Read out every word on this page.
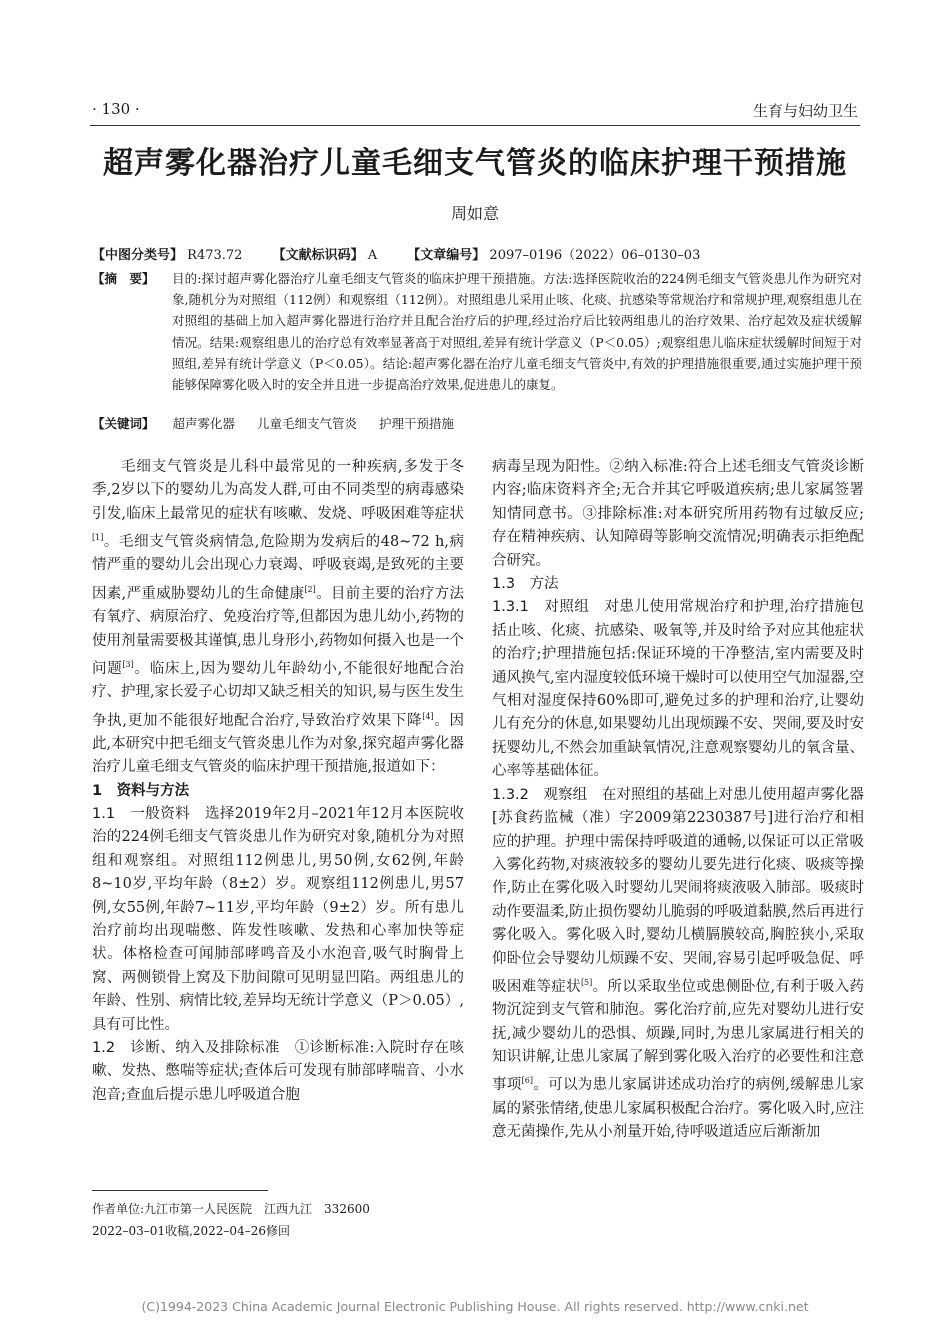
· 130 ·	生育与妇幼卫生
超声雾化器治疗儿童毛细支气管炎的临床护理干预措施
周如意
【中图分类号】 R473.72 【文献标识码】 A 【文章编号】 2097–0196（2022）06–0130–03
【摘　要】 目的:探讨超声雾化器治疗儿童毛细支气管炎的临床护理干预措施。方法:选择医院收治的224例毛细支气管炎患儿作为研究对象,随机分为对照组（112例）和观察组（112例）。对照组患儿采用止咳、化痰、抗感染等常规治疗和常规护理,观察组患儿在对照组的基础上加入超声雾化器进行治疗并且配合治疗后的护理,经过治疗后比较两组患儿的治疗效果、治疗起效及症状缓解情况。结果:观察组患儿的治疗总有效率显著高于对照组,差异有统计学意义（P＜0.05）;观察组患儿临床症状缓解时间短于对照组,差异有统计学意义（P＜0.05）。结论:超声雾化器在治疗儿童毛细支气管炎中,有效的护理措施很重要,通过实施护理干预能够保障雾化吸入时的安全并且进一步提高治疗效果,促进患儿的康复。
【关键词】 超声雾化器 儿童毛细支气管炎 护理干预措施

毛细支气管炎是儿科中最常见的一种疾病,多发于冬季,2岁以下的婴幼儿为高发人群,可由不同类型的病毒感染引发,临床上最常见的症状有咳嗽、发烧、呼吸困难等症状[1]。毛细支气管炎病情急,危险期为发病后的48~72 h,病情严重的婴幼儿会出现心力衰竭、呼吸衰竭,是致死的主要因素,严重威胁婴幼儿的生命健康[2]。目前主要的治疗方法有氧疗、病原治疗、免疫治疗等,但都因为患儿幼小,药物的使用剂量需要极其谨慎,患儿身形小,药物如何摄入也是一个问题[3]。临床上,因为婴幼儿年龄幼小,不能很好地配合治疗、护理,家长爱子心切却又缺乏相关的知识,易与医生发生争执,更加不能很好地配合治疗,导致治疗效果下降[4]。因此,本研究中把毛细支气管炎患儿作为对象,探究超声雾化器治疗儿童毛细支气管炎的临床护理干预措施,报道如下：

1　资料与方法

1.1　一般资料　选择2019年2月–2021年12月本医院收治的224例毛细支气管炎患儿作为研究对象,随机分为对照组和观察组。对照组112例患儿,男50例,女62例,年龄8~10岁,平均年龄（8±2）岁。观察组112例患儿,男57例,女55例,年龄7~11岁,平均年龄（9±2）岁。所有患儿治疗前均出现喘憋、阵发性咳嗽、发热和心率加快等症状。体格检查可闻肺部哮鸣音及小水泡音,吸气时胸骨上窝、两侧锁骨上窝及下肋间隙可见明显凹陷。两组患儿的年龄、性别、病情比较,差异均无统计学意义（P＞0.05）,具有可比性。

1.2　诊断、纳入及排除标准　①诊断标准:入院时存在咳嗽、发热、憋喘等症状;查体后可发现有肺部哮喘音、小水泡音;查血后提示患儿呼吸道合胞

病毒呈现为阳性。②纳入标准:符合上述毛细支气管炎诊断内容;临床资料齐全;无合并其它呼吸道疾病;患儿家属签署知情同意书。③排除标准:对本研究所用药物有过敏反应;存在精神疾病、认知障碍等影响交流情况;明确表示拒绝配合研究。

1.3　方法

1.3.1　对照组　对患儿使用常规治疗和护理,治疗措施包括止咳、化痰、抗感染、吸氧等,并及时给予对应其他症状的治疗;护理措施包括:保证环境的干净整洁,室内需要及时通风换气,室内湿度较低环境干燥时可以使用空气加湿器,空气相对湿度保持60%即可,避免过多的护理和治疗,让婴幼儿有充分的休息,如果婴幼儿出现烦躁不安、哭闹,要及时安抚婴幼儿,不然会加重缺氧情况,注意观察婴幼儿的氧含量、心率等基础体征。

1.3.2　观察组　在对照组的基础上对患儿使用超声雾化器[苏食药监械（准）字2009第2230387号]进行治疗和相应的护理。护理中需保持呼吸道的通畅,以保证可以正常吸入雾化药物,对痰液较多的婴幼儿要先进行化痰、吸痰等操作,防止在雾化吸入时婴幼儿哭闹将痰液吸入肺部。吸痰时动作要温柔,防止损伤婴幼儿脆弱的呼吸道黏膜,然后再进行雾化吸入。雾化吸入时,婴幼儿横膈膜较高,胸腔狭小,采取仰卧位会导婴幼儿烦躁不安、哭闹,容易引起呼吸急促、呼吸困难等症状[5]。所以采取坐位或患侧卧位,有利于吸入药物沉淀到支气管和肺泡。雾化治疗前,应先对婴幼儿进行安抚,减少婴幼儿的恐惧、烦躁,同时,为患儿家属进行相关的知识讲解,让患儿家属了解到雾化吸入治疗的必要性和注意事项[6]。可以为患儿家属讲述成功治疗的病例,缓解患儿家属的紧张情绪,使患儿家属积极配合治疗。雾化吸入时,应注意无菌操作,先从小剂量开始,待呼吸道适应后渐渐加

作者单位:九江市第一人民医院　江西九江　332600
2022–03–01收稿,2022–04–26修回
(C)1994-2023 China Academic Journal Electronic Publishing House. All rights reserved. http://www.cnki.net
